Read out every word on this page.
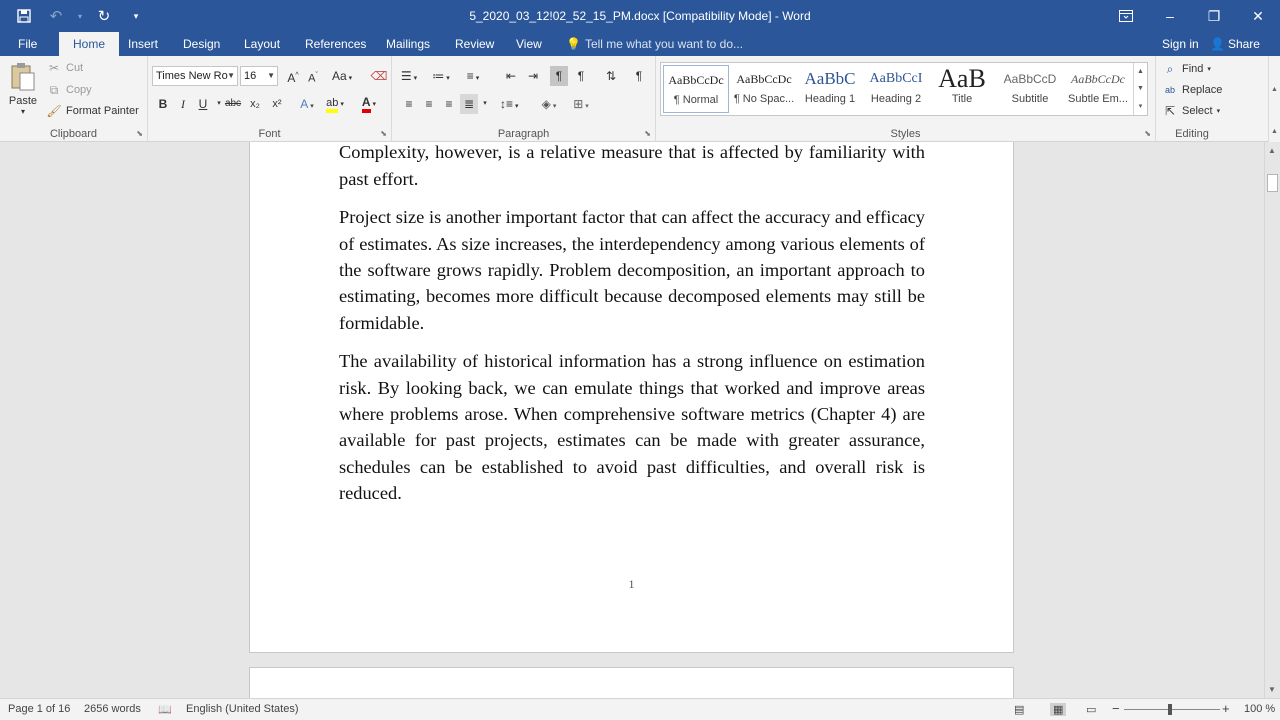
↶	▾	↻	▾	5_2020_03_12!02_52_15_PM.docx [Compatibility Mode] - Word	–	❐	✕
File	Home	Insert	Design	Layout	References	Mailings	Review	View	💡 Tell me what you want to do...	Sign in 👤 Share
Paste
▾
✂ Cut
⧉ Copy
🖌 Format Painter
Clipboard	⬊
Times New Ro ▼ 16 ▼ A^ $A^ˇ$	Aa ▾ ⌫
B	I	U	▾ abc x₂	x²	A ▾ ab ▾ A ▾
Font	⬊
☰ ▾ ≔ ▾ ≡ ▾	⇤ ⇥	¶	¶	⇅	¶
≡	≡	≡ ≣	▾	↕≡ ▾ ◈ ▾ ⊞ ▾
Paragraph	⬊	Styles	⬊
AaBbCcDc
¶ Normal
AaBbCcDc
¶ No Spac...
AaBbC
Heading 1
AaBbCcI
Heading 2
AaB
Title
AaBbCcD
Subtitle
AaBbCcDc
Subtle Em...
▲
▼
▾
⌕ Find ▾
ab Replace
⇱ Select ▾
Editing
▲
▲

Complexity, however, is a relative measure that is affected by familiarity with past effort.

Project size is another important factor that can affect the accuracy and efficacy of estimates. As size increases, the interdependency among various elements of the software grows rapidly. Problem decomposition, an important approach to estimating, becomes more difficult because decomposed elements may still be formidable.

The availability of historical information has a strong influence on estimation risk. By looking back, we can emulate things that worked and improve areas where problems arose. When comprehensive software metrics (Chapter 4) are available for past projects, estimates can be made with greater assurance, schedules can be established to avoid past difficulties, and overall risk is reduced.

1
▲
▼
Page 1 of 16 2656 words 📖 English (United States)	▤	▦ ▭ −	+ 100 %
